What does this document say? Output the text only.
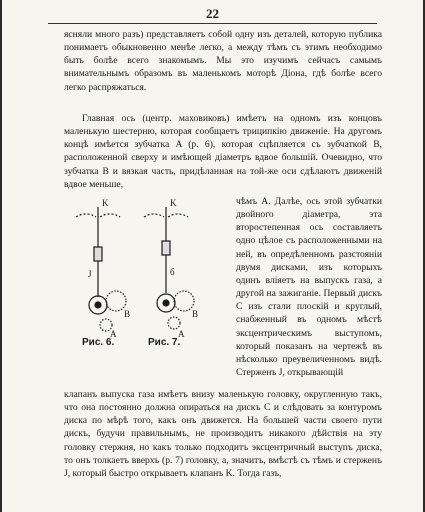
22

ясняли много разъ) представляетъ собой одну изъ деталей, которую публика понимаетъ обыкновенно менѣе легко, а между тѣмъ съ этимъ необходимо быть болѣе всего знакомымъ. Мы это изучимъ сейчасъ самымъ внимательнымъ образомъ въ маленькомъ моторѣ Діона, гдѣ болѣе всего легко распряжаться.

Главная ось (центр. маховиковъ) имѣетъ на одномъ изъ концовъ маленькую шестерню, которая сообщаетъ триципкію движеніе. На другомъ концѣ имѣется зубчатка A (р. 6), которая сцѣпляется съ зубчаткой B, расположенной сверху и имѣющей діаметръ вдвое большій. Очевидно, что зубчатка B и вязкая часть, придѣланная на той-же оси сдѣлаютъ движеній вдвое меньше,

K
J
B
A
K
б
B
A
Рис. 6.	Рис. 7.

чѣмъ A. Далѣе, ось этой зубчатки двойного діаметра, эта второстепенная ось составляетъ одно цѣлое съ расположенными на ней, въ опредѣленномъ разстояніи двумя дисками, изъ которыхъ одинъ вліяетъ на выпускъ газа, а другой на зажиганіе. Первый дискъ C изъ стали плоскій и круглый, снабженный въ одномъ мѣстѣ эксцентрическимъ выступомъ, который показанъ на чертежѣ въ нѣсколько преувеличенномъ видѣ. Стерженъ J, открывающій

клапанъ выпуска газа имѣетъ внизу маленькую головку, округленную такъ, что она постоянно должна опираться на дискъ C и слѣдовать за контуромъ диска по мѣрѣ того, какъ онъ движется. На большей части своего пути дискъ, будучи правильнымъ, не производитъ никакого дѣйствія на эту головку стержня, но какъ только подходитъ эксцентричный выступъ диска, то онъ толкаетъ вверхъ (р. 7) головку, а, значитъ, вмѣстѣ съ тѣмъ и стерженъ J, который быстро открываетъ клапанъ K. Тогда газъ,
